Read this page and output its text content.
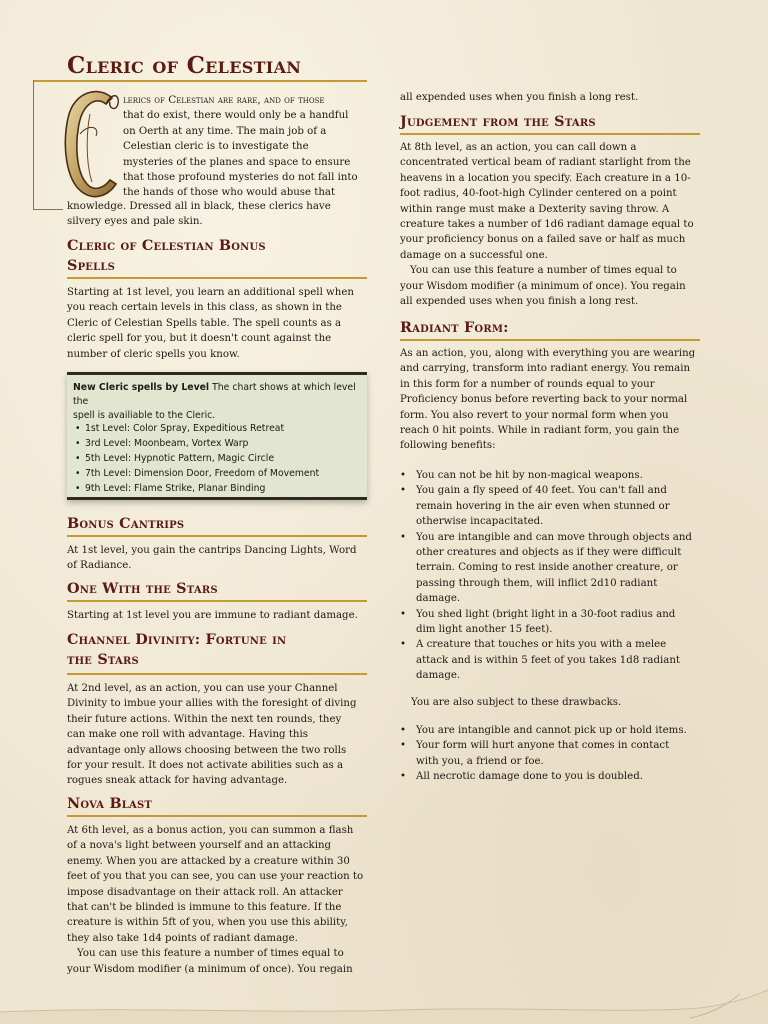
Cleric of Celestian

lerics of Celestian are rare, and of those
that do exist, there would only be a handful
on Oerth at any time. The main job of a
Celestian cleric is to investigate the
mysteries of the planes and space to ensure
that those profound mysteries do not fall into
the hands of those who would abuse that

knowledge. Dressed all in black, these clerics have
silvery eyes and pale skin.

Cleric of Celestian Bonus
Spells

Starting at 1st level, you learn an additional spell when
you reach certain levels in this class, as shown in the
Cleric of Celestian Spells table. The spell counts as a
cleric spell for you, but it doesn't count against the
number of cleric spells you know.

New Cleric spells by Level The chart shows at which level the
spell is availiable to the Cleric.

• 1st Level: Color Spray, Expeditious Retreat
• 3rd Level: Moonbeam, Vortex Warp
• 5th Level: Hypnotic Pattern, Magic Circle
• 7th Level: Dimension Door, Freedom of Movement
• 9th Level: Flame Strike, Planar Binding
Bonus Cantrips

At 1st level, you gain the cantrips Dancing Lights, Word
of Radiance.

One With the Stars

Starting at 1st level you are immune to radiant damage.

Channel Divinity: Fortune in
the Stars

At 2nd level, as an action, you can use your Channel
Divinity to imbue your allies with the foresight of diving
their future actions. Within the next ten rounds, they
can make one roll with advantage. Having this
advantage only allows choosing between the two rolls
for your result. It does not activate abilities such as a
rogues sneak attack for having advantage.

Nova Blast

At 6th level, as a bonus action, you can summon a flash
of a nova's light between yourself and an attacking
enemy. When you are attacked by a creature within 30
feet of you that you can see, you can use your reaction to
impose disadvantage on their attack roll. An attacker
that can't be blinded is immune to this feature. If the
creature is within 5ft of you, when you use this ability,
they also take 1d4 points of radiant damage.
You can use this feature a number of times equal to
your Wisdom modifier (a minimum of once). You regain

all expended uses when you finish a long rest.

Judgement from the Stars

At 8th level, as an action, you can call down a
concentrated vertical beam of radiant starlight from the
heavens in a location you specify. Each creature in a 10-
foot radius, 40-foot-high Cylinder centered on a point
within range must make a Dexterity saving throw. A
creature takes a number of 1d6 radiant damage equal to
your proficiency bonus on a failed save or half as much
damage on a successful one.
You can use this feature a number of times equal to
your Wisdom modifier (a minimum of once). You regain
all expended uses when you finish a long rest.

Radiant Form:

As an action, you, along with everything you are wearing
and carrying, transform into radiant energy. You remain
in this form for a number of rounds equal to your
Proficiency bonus before reverting back to your normal
form. You also revert to your normal form when you
reach 0 hit points. While in radiant form, you gain the
following benefits:

• You can not be hit by non-magical weapons.
• You gain a fly speed of 40 feet. You can't fall and
remain hovering in the air even when stunned or
otherwise incapacitated.
• You are intangible and can move through objects and
other creatures and objects as if they were difficult
terrain. Coming to rest inside another creature, or
passing through them, will inflict 2d10 radiant
damage.
• You shed light (bright light in a 30-foot radius and
dim light another 15 feet).
• A creature that touches or hits you with a melee
attack and is within 5 feet of you takes 1d8 radiant
damage.

You are also subject to these drawbacks.

• You are intangible and cannot pick up or hold items.
• Your form will hurt anyone that comes in contact
with you, a friend or foe.
• All necrotic damage done to you is doubled.
